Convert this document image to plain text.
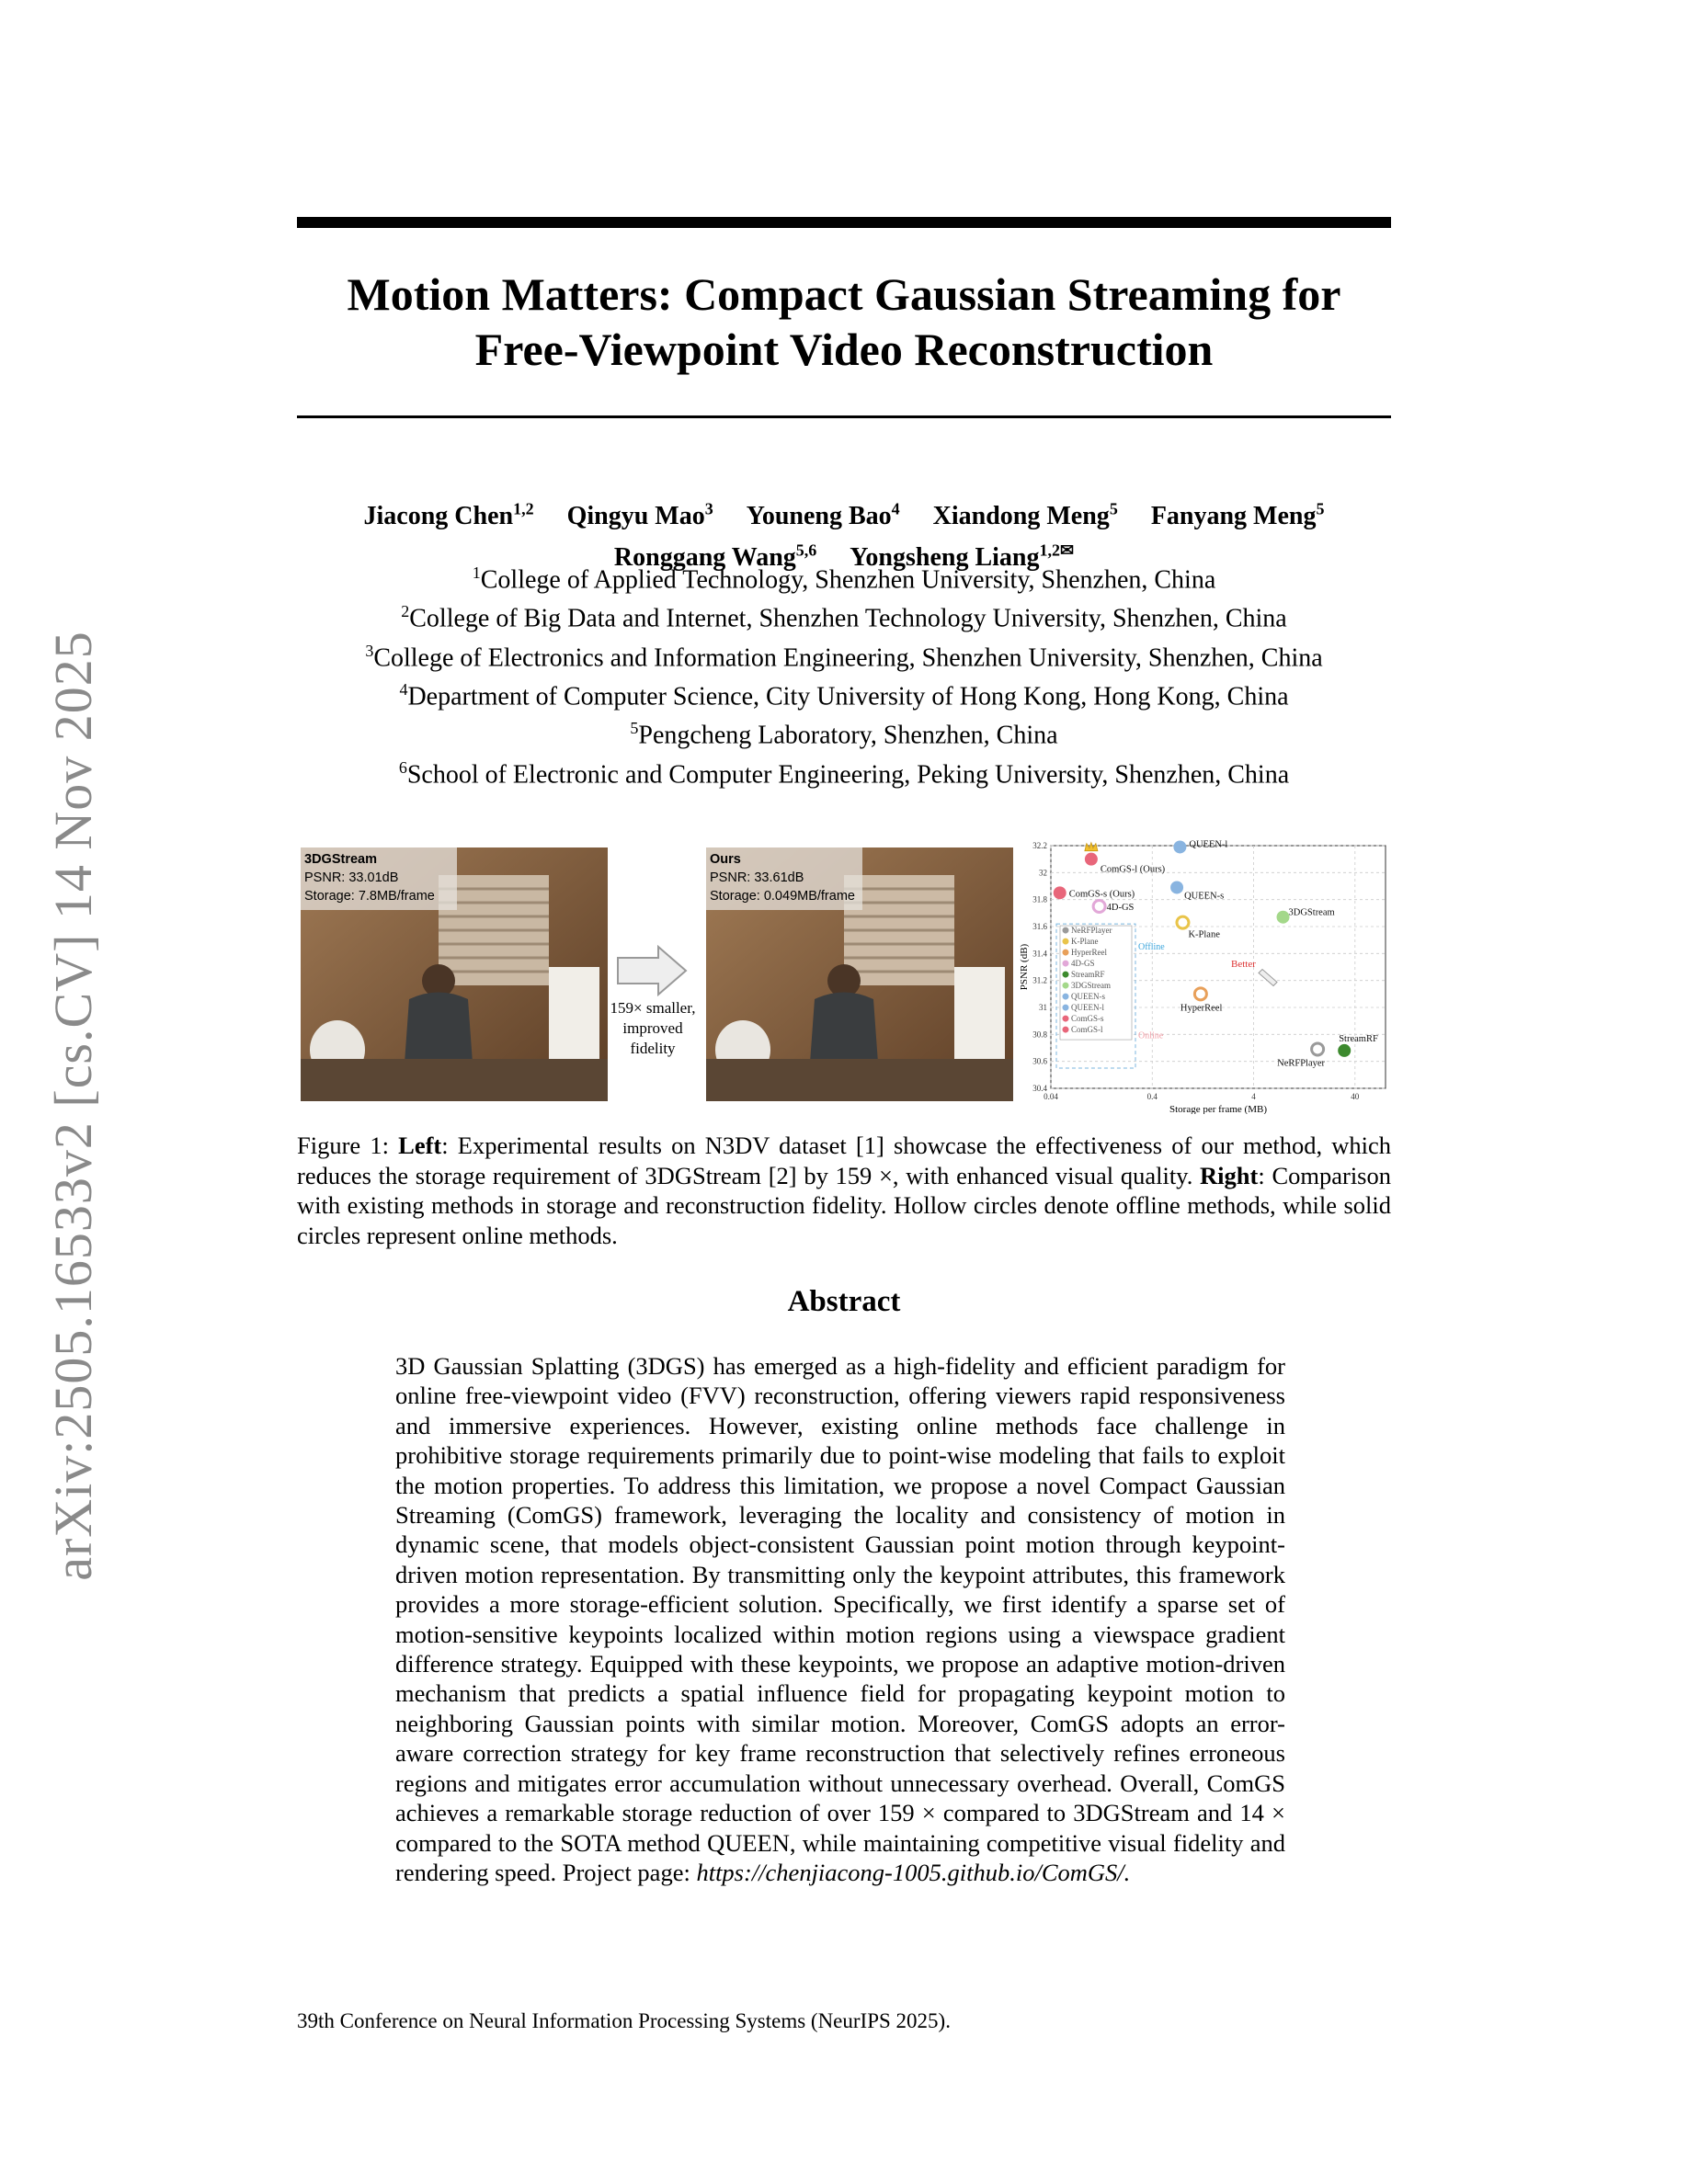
arXiv:2505.16533v2 [cs.CV] 14 Nov 2025
Motion Matters: Compact Gaussian Streaming for
Free-Viewpoint Video Reconstruction
Jiacong Chen$^{1,2}$ Qingyu Mao$^3$ Youneng Bao$^4$ Xiandong Meng$^5$ Fanyang Meng$^5$
Ronggang Wang$^{5,6}$ Yongsheng Liang$^{1,2✉}$
$^1$College of Applied Technology, Shenzhen University, Shenzhen, China
$^2$College of Big Data and Internet, Shenzhen Technology University, Shenzhen, China
$^3$College of Electronics and Information Engineering, Shenzhen University, Shenzhen, China
$^4$Department of Computer Science, City University of Hong Kong, Hong Kong, China
$^5$Pengcheng Laboratory, Shenzhen, China
$^6$School of Electronic and Computer Engineering, Peking University, Shenzhen, China
3DGStream
PSNR: 33.01dB
Storage: 7.8MB/frame
159× smaller,
improved
fidelity
Ours
PSNR: 33.61dB
Storage: 0.049MB/frame
30.4
30.6
30.8
31
31.2
31.4
31.6
31.8
32
32.2
0.04	0.4	4	40
Storage per frame (MB)
PSNR (dB)	Offline
Online
Better
NeRFPlayer
K-Plane
HyperReel
4D-GS
StreamRF
3DGStream
QUEEN-s
QUEEN-l
ComGS-s
ComGS-l
ComGS-l (Ours)
ComGS-s (Ours)
QUEEN-l
QUEEN-s
4D-GS
K-Plane
3DGStream
HyperReel
StreamRF
NeRFPlayer
Figure 1: Left: Experimental results on N3DV dataset [1] showcase the effectiveness of our method, which reduces the storage requirement of 3DGStream [2] by 159 ×, with enhanced visual quality. Right: Comparison with existing methods in storage and reconstruction fidelity. Hollow circles denote offline methods, while solid circles represent online methods.
Abstract
3D Gaussian Splatting (3DGS) has emerged as a high-fidelity and efficient paradigm for online free-viewpoint video (FVV) reconstruction, offering viewers rapid responsiveness and immersive experiences. However, existing online methods face challenge in prohibitive storage requirements primarily due to point-wise modeling that fails to exploit the motion properties. To address this limitation, we propose a novel Compact Gaussian Streaming (ComGS) framework, leveraging the locality and consistency of motion in dynamic scene, that models object-consistent Gaussian point motion through keypoint-driven motion representation. By transmitting only the keypoint attributes, this framework provides a more storage-efficient solution. Specifically, we first identify a sparse set of motion-sensitive keypoints localized within motion regions using a viewspace gradient difference strategy. Equipped with these keypoints, we propose an adaptive motion-driven mechanism that predicts a spatial influence field for propagating keypoint motion to neighboring Gaussian points with similar motion. Moreover, ComGS adopts an error-aware correction strategy for key frame reconstruction that selectively refines erroneous regions and mitigates error accumulation without unnecessary overhead. Overall, ComGS achieves a remarkable storage reduction of over 159 × compared to 3DGStream and 14 × compared to the SOTA method QUEEN, while maintaining competitive visual fidelity and rendering speed. Project page: https://chenjiacong-1005.github.io/ComGS/.
39th Conference on Neural Information Processing Systems (NeurIPS 2025).
